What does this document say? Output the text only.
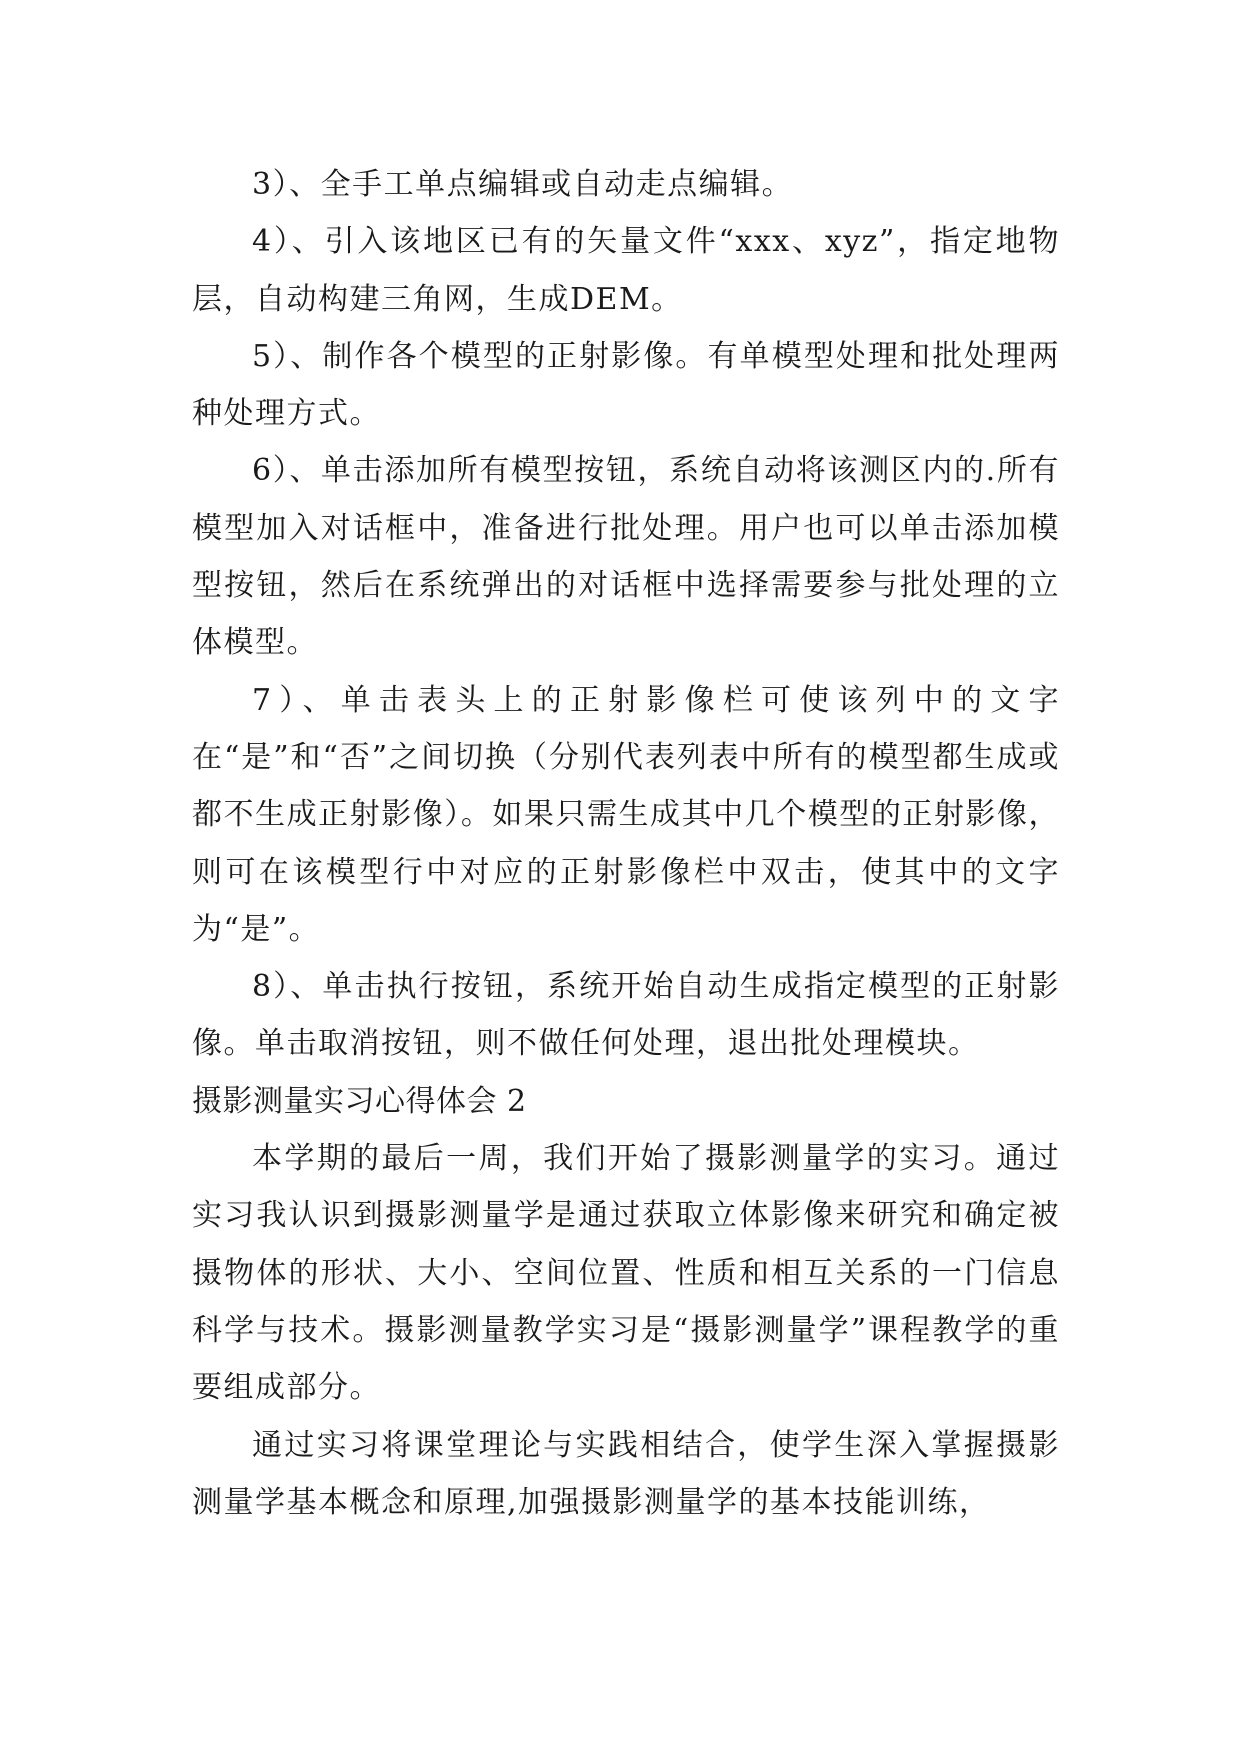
3）、全手工单点编辑或自动走点编辑。

4）、引入该地区已有的矢量文件“xxx、xyz”，指定地物层，自动构建三角网，生成DEM。

5）、制作各个模型的正射影像。有单模型处理和批处理两种处理方式。

6）、单击添加所有模型按钮，系统自动将该测区内的.所有模型加入对话框中，准备进行批处理。用户也可以单击添加模型按钮，然后在系统弹出的对话框中选择需要参与批处理的立体模型。

7）、单击表头上的正射影像栏可使该列中的文字在“是”和“否”之间切换（分别代表列表中所有的模型都生成或都不生成正射影像）。如果只需生成其中几个模型的正射影像，则可在该模型行中对应的正射影像栏中双击，使其中的文字为“是”。

8）、单击执行按钮，系统开始自动生成指定模型的正射影像。单击取消按钮，则不做任何处理，退出批处理模块。

摄影测量实习心得体会 2

本学期的最后一周，我们开始了摄影测量学的实习。通过实习我认识到摄影测量学是通过获取立体影像来研究和确定被摄物体的形状、大小、空间位置、性质和相互关系的一门信息科学与技术。摄影测量教学实习是“摄影测量学”课程教学的重要组成部分。

通过实习将课堂理论与实践相结合，使学生深入掌握摄影测量学基本概念和原理,加强摄影测量学的基本技能训练，
